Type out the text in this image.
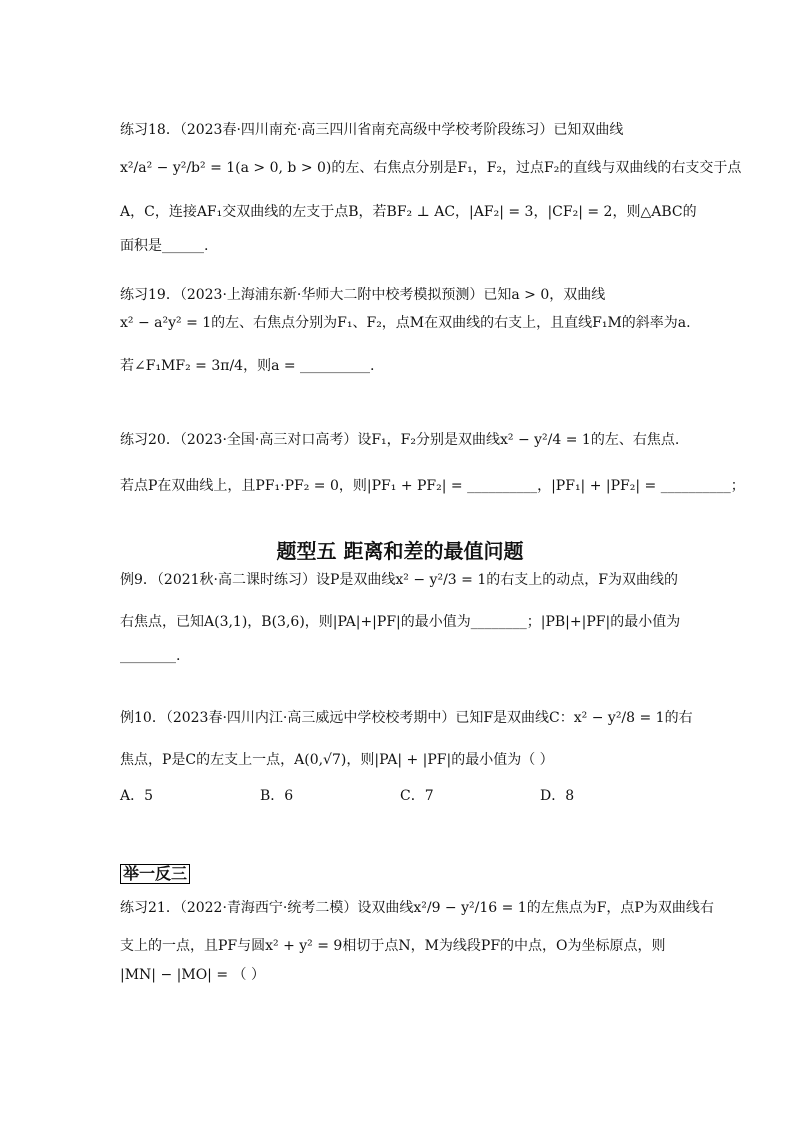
练习18．（2023春·四川南充·高三四川省南充高级中学校考阶段练习）已知双曲线
x²/a² − y²/b² = 1(a > 0, b > 0)的左、右焦点分别是F₁，F₂，过点F₂的直线与双曲线的右支交于点
A，C，连接AF₁交双曲线的左支于点B，若BF₂ ⊥ AC，|AF₂| = 3，|CF₂| = 2，则△ABC的
面积是______.
练习19．（2023·上海浦东新·华师大二附中校考模拟预测）已知a > 0，双曲线
x² − a²y² = 1的左、右焦点分别为F₁、F₂，点M在双曲线的右支上，且直线F₁M的斜率为a.
若∠F₁MF₂ = 3π/4，则a = __________.
练习20．（2023·全国·高三对口高考）设F₁，F₂分别是双曲线x² − y²/4 = 1的左、右焦点.
若点P在双曲线上，且PF₁·PF₂ = 0，则|PF₁ + PF₂| = __________，|PF₁| + |PF₂| = __________；
题型五 距离和差的最值问题
例9．（2021秋·高二课时练习）设P是双曲线x² − y²/3 = 1的右支上的动点，F为双曲线的
右焦点，已知A(3,1)，B(3,6)，则|PA|+|PF|的最小值为________；|PB|+|PF|的最小值为
________.
例10．（2023春·四川内江·高三威远中学校校考期中）已知F是双曲线C：x² − y²/8 = 1的右
焦点，P是C的左支上一点，A(0,√7)，则|PA| + |PF|的最小值为（ ）
A．5	B．6	C．7	D．8
举一反三
练习21．（2022·青海西宁·统考二模）设双曲线x²/9 − y²/16 = 1的左焦点为F，点P为双曲线右
支上的一点，且PF与圆x² + y² = 9相切于点N，M为线段PF的中点，O为坐标原点，则
|MN| − |MO| = （ ）
